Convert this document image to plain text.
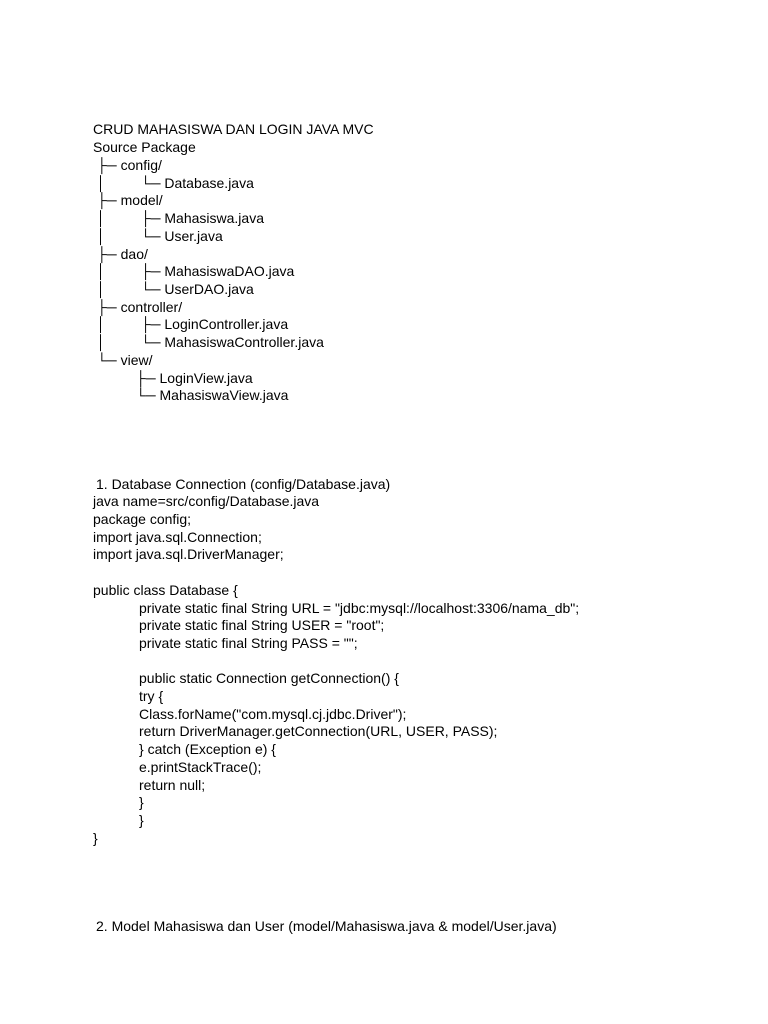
CRUD MAHASISWA DAN LOGIN JAVA MVC
Source Package
├─ config/
│         └─ Database.java
├─ model/
│         ├─ Mahasiswa.java
│         └─ User.java
├─ dao/
│         ├─ MahasiswaDAO.java
│         └─ UserDAO.java
├─ controller/
│         ├─ LoginController.java
│         └─ MahasiswaController.java
└─ view/
├─ LoginView.java
└─ MahasiswaView.java
1. Database Connection (config/Database.java)
java name=src/config/Database.java
package config;
import java.sql.Connection;
import java.sql.DriverManager;
public class Database {
private static final String URL = "jdbc:mysql://localhost:3306/nama_db";
private static final String USER = "root";
private static final String PASS = "";
public static Connection getConnection() {
try {
Class.forName("com.mysql.cj.jdbc.Driver");
return DriverManager.getConnection(URL, USER, PASS);
} catch (Exception e) {
e.printStackTrace();
return null;
}
}
}
2. Model Mahasiswa dan User (model/Mahasiswa.java & model/User.java)
